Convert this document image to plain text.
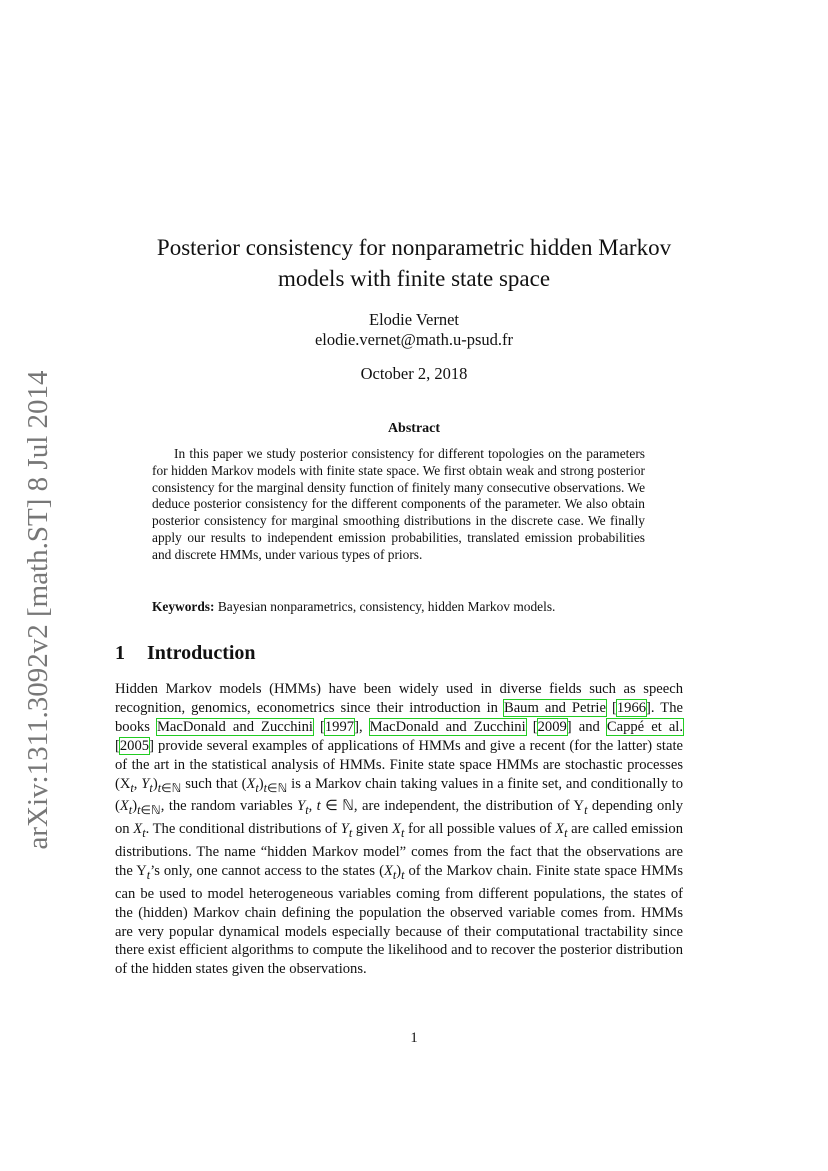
arXiv:1311.3092v2 [math.ST] 8 Jul 2014
Posterior consistency for nonparametric hidden Markov
models with finite state space
Elodie Vernet
elodie.vernet@math.u-psud.fr
October 2, 2018
Abstract
In this paper we study posterior consistency for different topologies on the parameters for hidden Markov models with finite state space. We first obtain weak and strong posterior consistency for the marginal density function of finitely many consecutive observations. We deduce posterior consistency for the different components of the parameter. We also obtain posterior consistency for marginal smoothing distributions in the discrete case. We finally apply our results to independent emission probabilities, translated emission probabilities and discrete HMMs, under various types of priors.
Keywords: Bayesian nonparametrics, consistency, hidden Markov models.
1 Introduction
Hidden Markov models (HMMs) have been widely used in diverse fields such as speech recognition, genomics, econometrics since their introduction in Baum and Petrie [1966]. The books MacDonald and Zucchini [1997], MacDonald and Zucchini [2009] and Cappé et al. [2005] provide several examples of applications of HMMs and give a recent (for the latter) state of the art in the statistical analysis of HMMs. Finite state space HMMs are stochastic processes ($X_t$, $Y_t)_{t\in ℕ}$ such that $(X_t)_{t\in ℕ}$ is a Markov chain taking values in a finite set, and conditionally to $(X_t)_{t\in ℕ}$, the random variables $Y_t$, t ∈ ℕ, are independent, the distribution of $Y_t$ depending only on $X_t$. The conditional distributions of $Y_t$ given $X_t$ for all possible values of $X_t$ are called emission distributions. The name “hidden Markov model” comes from the fact that the observations are the $Y_t’s$ only, one cannot access to the states $(X_t)_t$ of the Markov chain. Finite state space HMMs can be used to model heterogeneous variables coming from different populations, the states of the (hidden) Markov chain defining the population the observed variable comes from. HMMs are very popular dynamical models especially because of their computational tractability since there exist efficient algorithms to compute the likelihood and to recover the posterior distribution of the hidden states given the observations.
1
